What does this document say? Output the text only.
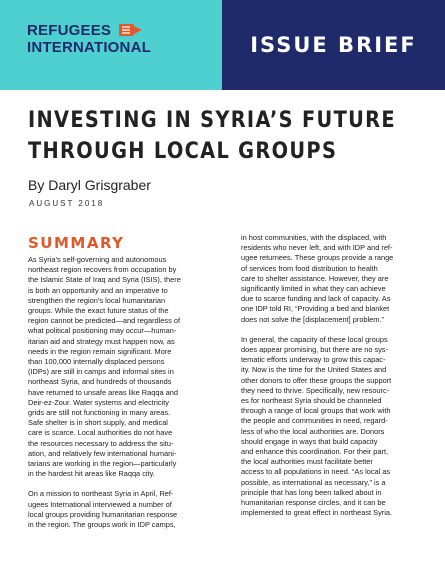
REFUGEES
INTERNATIONAL	ISSUE BRIEF
INVESTING IN SYRIA’S FUTURE
THROUGH LOCAL GROUPS
By Daryl Grisgraber
AUGUST 2018
SUMMARY
As Syria’s self-governing and autonomous
northeast region recovers from occupation by
the Islamic State of Iraq and Syria (ISIS), there
is both an opportunity and an imperative to
strengthen the region’s local humanitarian
groups. While the exact future status of the
region cannot be predicted—and regardless of
what political positioning may occur—human-
itarian aid and strategy must happen now, as
needs in the region remain significant. More
than 100,000 internally displaced persons
(IDPs) are still in camps and informal sites in
northeast Syria, and hundreds of thousands
have returned to unsafe areas like Raqqa and
Deir-ez-Zour. Water systems and electricity
grids are still not functioning in many areas.
Safe shelter is in short supply, and medical
care is scarce. Local authorities do not have
the resources necessary to address the situ-
ation, and relatively few international humani-
tarians are working in the region—particularly
in the hardest hit areas like Raqqa city.
On a mission to northeast Syria in April, Ref-
ugees International interviewed a number of
local groups providing humanitarian response
in the region. The groups work in IDP camps,
in host communities, with the displaced, with
residents who never left, and with IDP and ref-
ugee returnees. These groups provide a range
of services from food distribution to health
care to shelter assistance. However, they are
significantly limited in what they can achieve
due to scarce funding and lack of capacity. As
one IDP told RI, “Providing a bed and blanket
does not solve the [displacement] problem.”
In general, the capacity of these local groups
does appear promising, but there are no sys-
tematic efforts underway to grow this capac-
ity. Now is the time for the United States and
other donors to offer these groups the support
they need to thrive. Specifically, new resourc-
es for northeast Syria should be channeled
through a range of local groups that work with
the people and communities in need, regard-
less of who the local authorities are. Donors
should engage in ways that build capacity
and enhance this coordination. For their part,
the local authorities must facilitate better
access to all populations in need. “As local as
possible, as international as necessary,” is a
principle that has long been talked about in
humanitarian response circles, and it can be
implemented to great effect in northeast Syria.
